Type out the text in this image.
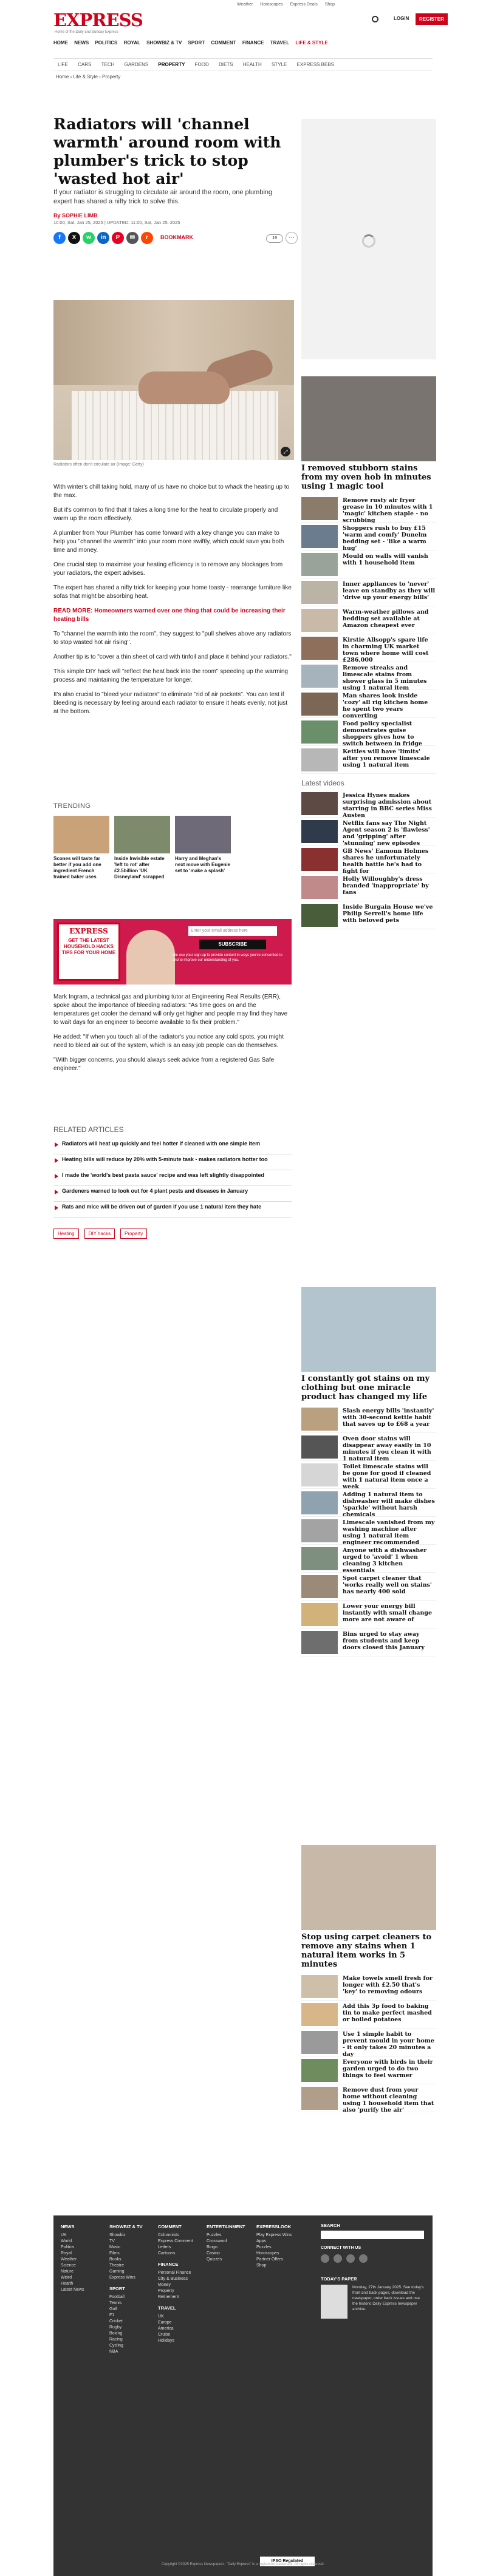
Weather Horoscopes Express Deals Shop
EXPRESS
Home of the Daily and Sunday Express
LOGIN	REGISTER
HOME NEWS POLITICS ROYAL SHOWBIZ & TV SPORT COMMENT FINANCE TRAVEL LIFE & STYLE
LIFE CARS TECH GARDENS PROPERTY FOOD DIETS HEALTH STYLE EXPRESS BEBS
Home › Life & Style › Property
Radiators will 'channel warmth' around room with plumber's trick to stop 'wasted hot air'
If your radiator is struggling to circulate air around the room, one plumbing expert has shared a nifty trick to solve this.
By SOPHIE LIMB
10:00, Sat, Jan 25, 2025 | UPDATED: 11:00, Sat, Jan 25, 2025
f	X	w	in	P	✉	r	BOOKMARK	19	⋯
⤢
Radiators often don't circulate air (Image: Getty)

With winter's chill taking hold, many of us have no choice but to whack the heating up to the max.

But it's common to find that it takes a long time for the heat to circulate properly and warm up the room effectively.

A plumber from Your Plumber has come forward with a key change you can make to help you "channel the warmth" into your room more swiftly, which could save you both time and money.

One crucial step to maximise your heating efficiency is to remove any blockages from your radiators, the expert advises.

The expert has shared a nifty trick for keeping your home toasty - rearrange furniture like sofas that might be absorbing heat.

READ MORE: Homeowners warned over one thing that could be increasing their heating bills

To "channel the warmth into the room", they suggest to "pull shelves above any radiators to stop wasted hot air rising".

Another tip is to "cover a thin sheet of card with tinfoil and place it behind your radiators."

This simple DIY hack will "reflect the heat back into the room" speeding up the warming process and maintaining the temperature for longer.

It's also crucial to "bleed your radiators" to eliminate "rid of air pockets". You can test if bleeding is necessary by feeling around each radiator to ensure it heats evenly, not just at the bottom.

TRENDING
Scones will taste far better if you add one ingredient French trained baker uses
Inside Invisible estate 'left to rot' after £2.5billion 'UK Disneyland' scrapped
Harry and Meghan's next move with Eugenie set to 'make a splash'
EXPRESS
GET THE LATEST HOUSEHOLD HACKS TIPS FOR YOUR HOME
Enter your email address here
SUBSCRIBE
We use your sign-up to provide content in ways you've consented to and to improve our understanding of you.

Mark Ingram, a technical gas and plumbing tutor at Engineering Real Results (ERR), spoke about the importance of bleeding radiators: "As time goes on and the temperatures get cooler the demand will only get higher and people may find they have to wait days for an engineer to become available to fix their problem."

He added: "If when you touch all of the radiator's you notice any cold spots, you might need to bleed air out of the system, which is an easy job people can do themselves.

"With bigger concerns, you should always seek advice from a registered Gas Safe engineer."

RELATED ARTICLES
Radiators will heat up quickly and feel hotter if cleaned with one simple item
Heating bills will reduce by 20% with 5-minute task - makes radiators hotter too
I made the 'world's best pasta sauce' recipe and was left slightly disappointed
Gardeners warned to look out for 4 plant pests and diseases in January
Rats and mice will be driven out of garden if you use 1 natural item they hate
Heating	DIY hacks	Property
I removed stubborn stains from my oven hob in minutes using 1 magic tool
Remove rusty air fryer grease in 10 minutes with 1 'magic' kitchen staple - no scrubbing
Shoppers rush to buy £15 'warm and comfy' Dunelm bedding set - 'like a warm hug'
Mould on walls will vanish with 1 household item
Inner appliances to 'never' leave on standby as they will 'drive up your energy bills'
Warm-weather pillows and bedding set available at Amazon cheapest ever
Kirstie Allsopp's spare life in charming UK market town where home will cost £286,000
Remove streaks and limescale stains from shower glass in 5 minutes using 1 natural item
Man shares look inside 'cozy' all rig kitchen home he spent two years converting
Food policy specialist demonstrates guise shoppers gives how to switch between in fridge
Kettles will have 'limits' after you remove limescale using 1 natural item
Latest videos
Jessica Hynes makes surprising admission about starring in BBC series Miss Austen
Netflix fans say The Night Agent season 2 is 'flawless' and 'gripping' after 'stunning' new episodes
GB News' Eamonn Holmes shares he unfortunately health battle he's had to fight for
Holly Willoughby's dress branded 'inappropriate' by fans
Inside Burgain House we've Philip Serrell's home life with beloved pets
I constantly got stains on my clothing but one miracle product has changed my life
Slash energy bills 'instantly' with 30-second kettle habit that saves up to £68 a year
Oven door stains will disappear away easily in 10 minutes if you clean it with 1 natural item
Toilet limescale stains will be gone for good if cleaned with 1 natural item once a week
Adding 1 natural item to dishwasher will make dishes 'sparkle' without harsh chemicals
Limescale vanished from my washing machine after using 1 natural item engineer recommended
Anyone with a dishwasher urged to 'avoid' 1 when cleaning 3 kitchen essentials
Spot carpet cleaner that 'works really well on stains' has nearly 400 sold
Lower your energy bill instantly with small change more are not aware of
Bins urged to stay away from students and keep doors closed this January
Stop using carpet cleaners to remove any stains when 1 natural item works in 5 minutes
Make towels smell fresh for longer with £2.50 that's 'key' to removing odours
Add this 3p food to baking tin to make perfect mashed or boiled potatoes
Use 1 simple habit to prevent mould in your home - it only takes 20 minutes a day
Everyone with birds in their garden urged to do two things to feel warmer
Remove dust from your home without cleaning using 1 household item that also 'purify the air'
NEWS
UK
World
Politics
Royal
Weather
Science
Nature
Weird
Health
Latest News
SHOWBIZ & TV
Showbiz
TV
Music
Films
Books
Theatre
Gaming
Express Wins
SPORT
Football
Tennis
Golf
F1
Cricket
Rugby
Boxing
Racing
Cycling
NBA
COMMENT
Columnists
Express Comment
Letters
Cartoons
FINANCE
Personal Finance
City & Business
Money
Property
Retirement
TRAVEL
UK
Europe
America
Cruise
Holidays
ENTERTAINMENT
Puzzles
Crossword
Bingo
Casino
Quizzes
EXPRESSLOOK
Play Express Wins
Apps
Puzzles
Horoscopes
Partner Offers
Shop
SEARCH
CONNECT WITH US

TODAY'S PAPER
Monday, 27th January 2025. See today's front and back pages, download the newspaper, order back issues and use the historic Daily Express newspaper archive.
IPSO Regulated
Copyright ©2025 Express Newspapers. "Daily Express" is a registered trademark. All rights reserved.
